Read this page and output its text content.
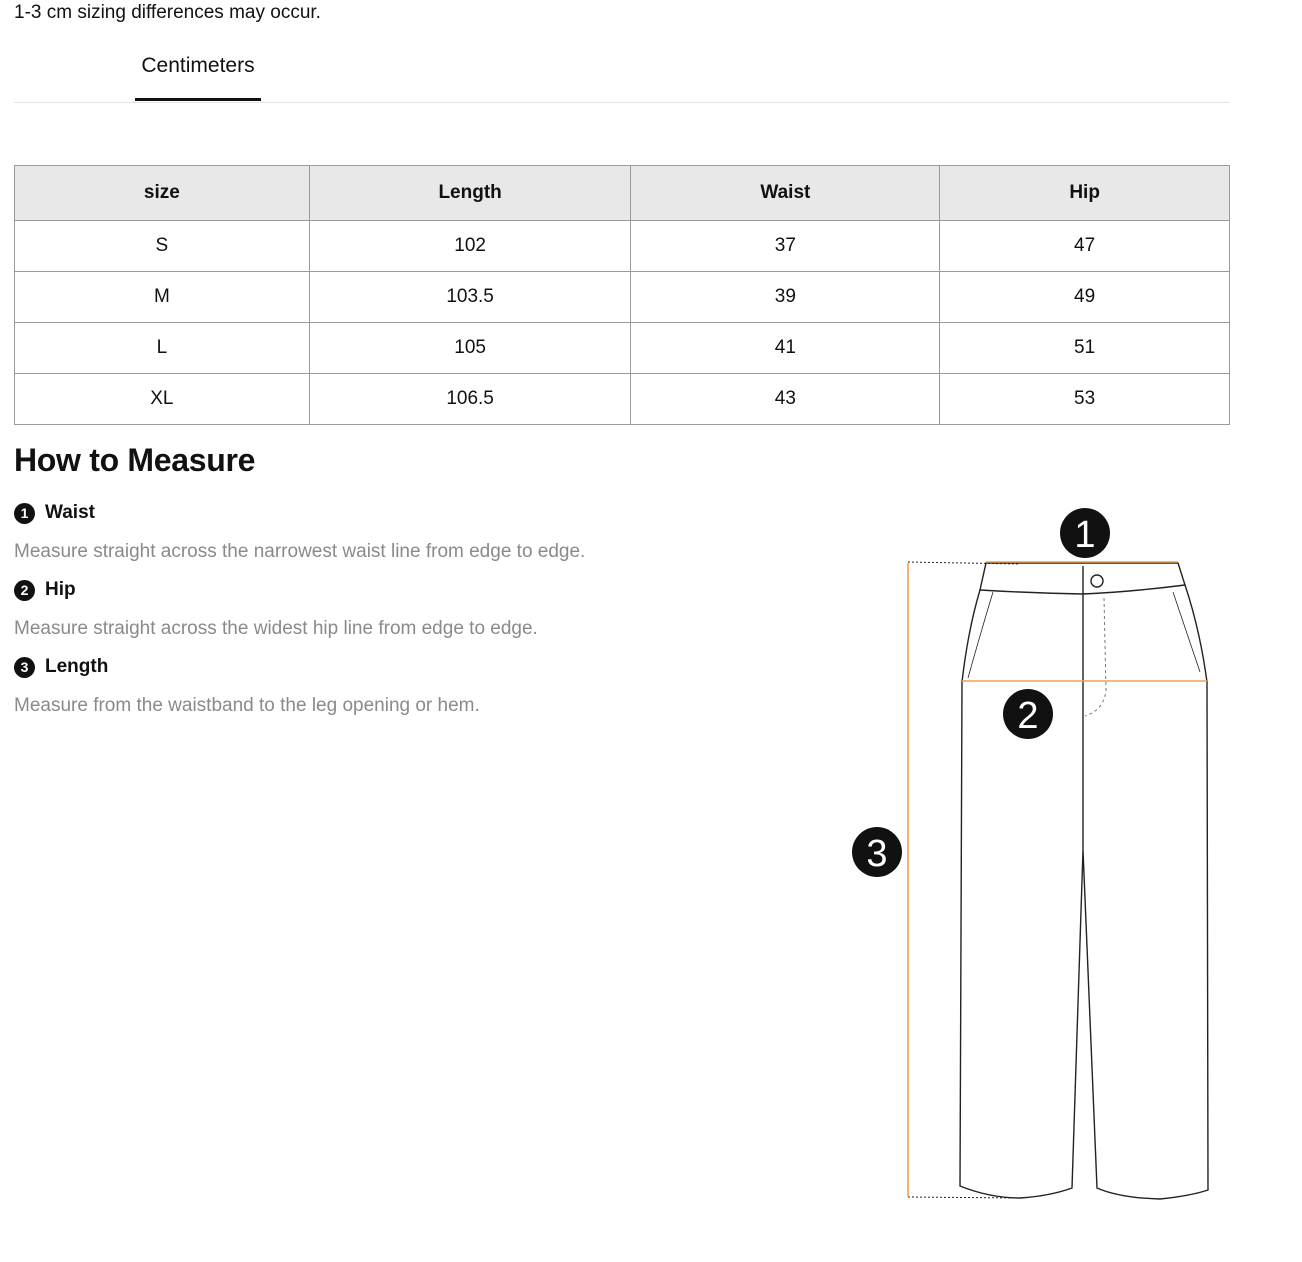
1-3 cm sizing differences may occur.
Centimeters
size	Length	Waist	Hip
S	102	37	47
M	103.5	39	49
L	105	41	51
XL	106.5	43	53
How to Measure
1 Waist
Measure straight across the narrowest waist line from edge to edge.
2 Hip
Measure straight across the widest hip line from edge to edge.
3 Length
Measure from the waistband to the leg opening or hem.
1
2
3
